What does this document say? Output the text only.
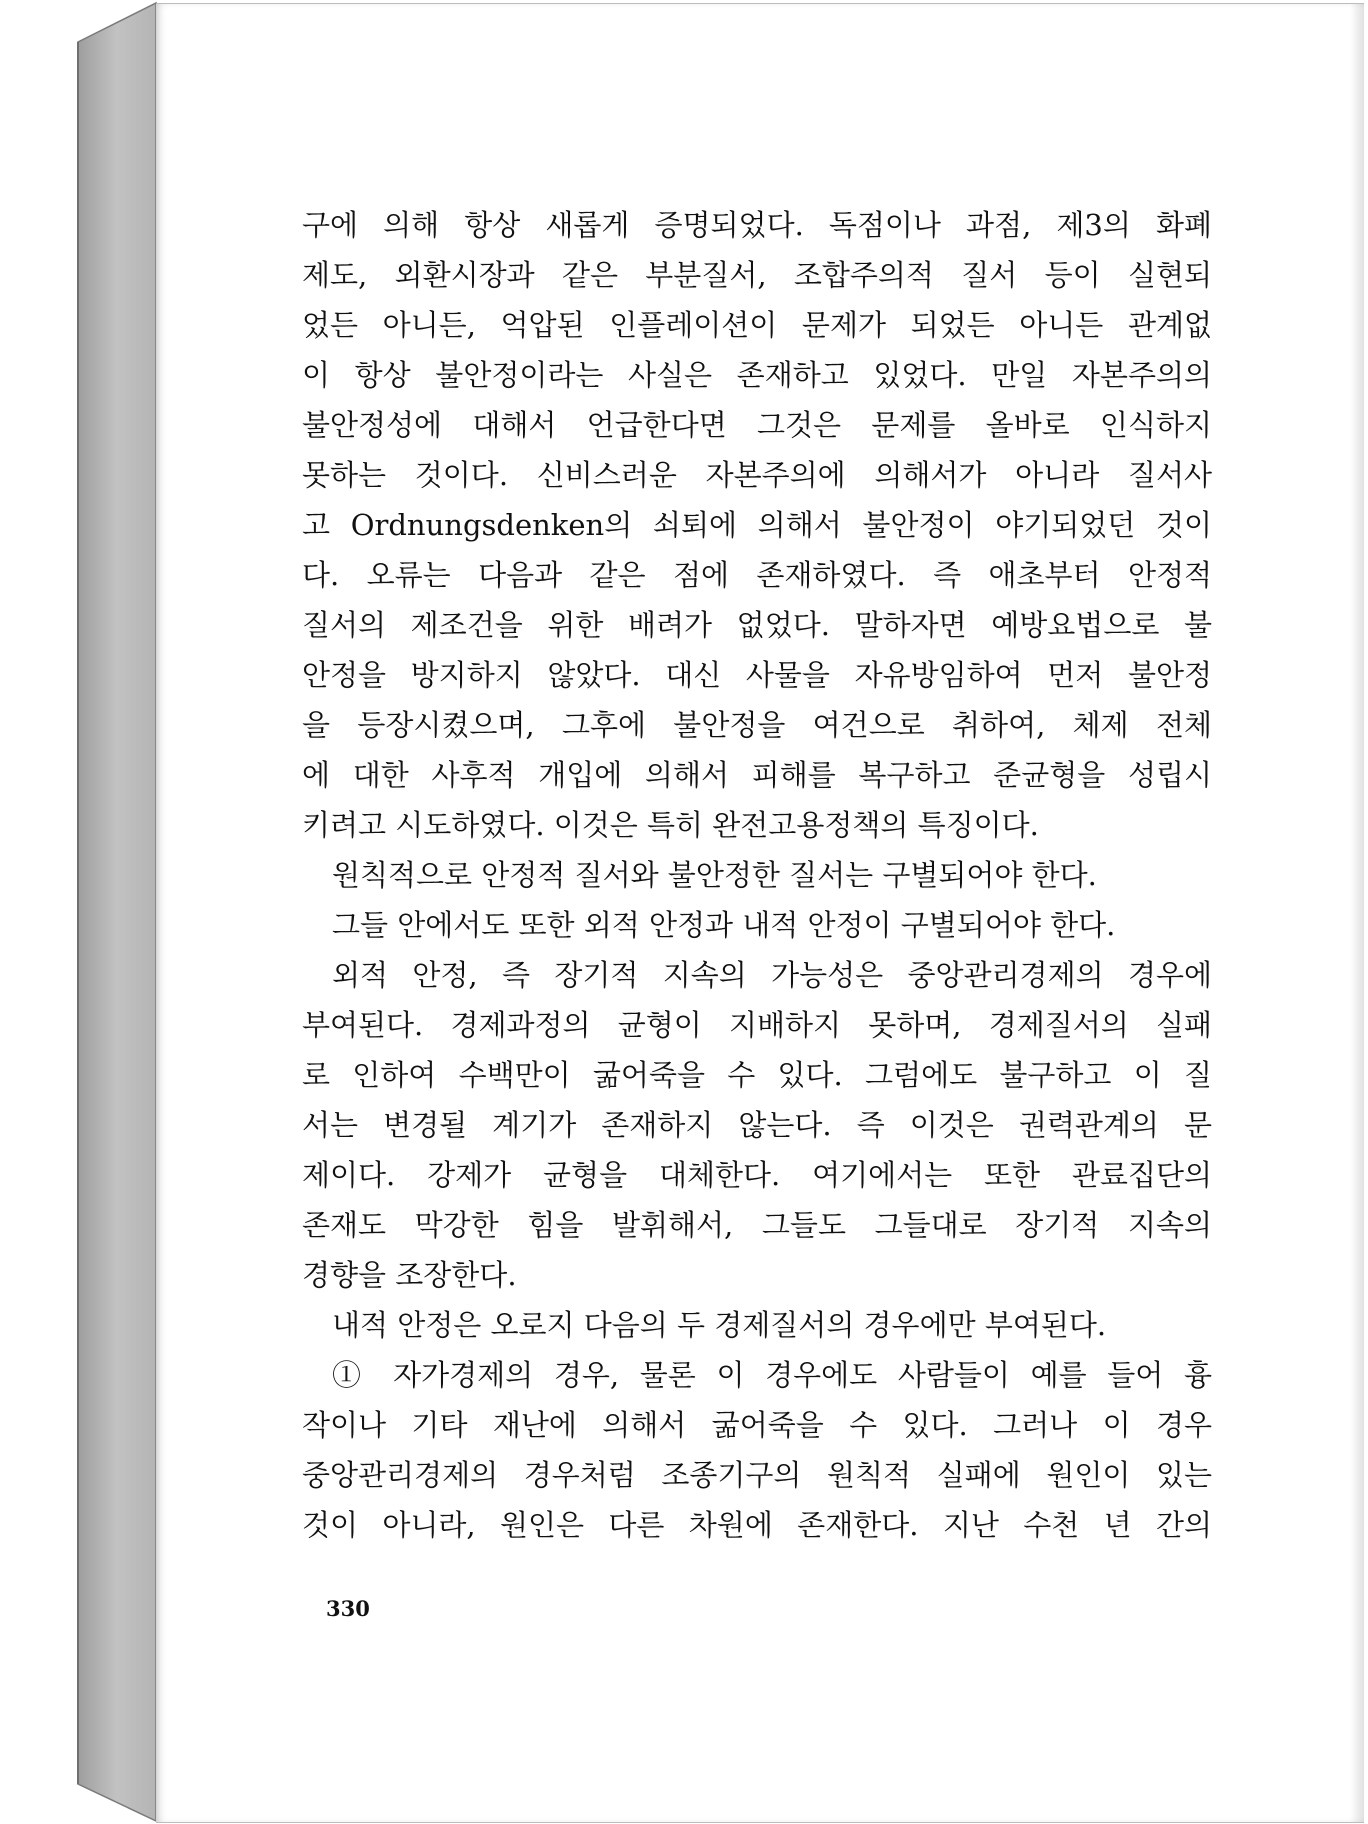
구에 의해 항상 새롭게 증명되었다. 독점이나 과점, 제3의 화폐
제도, 외환시장과 같은 부분질서, 조합주의적 질서 등이 실현되
었든 아니든, 억압된 인플레이션이 문제가 되었든 아니든 관계없
이 항상 불안정이라는 사실은 존재하고 있었다. 만일 자본주의의
불안정성에 대해서 언급한다면 그것은 문제를 올바로 인식하지
못하는 것이다. 신비스러운 자본주의에 의해서가 아니라 질서사
고 Ordnungsdenken의 쇠퇴에 의해서 불안정이 야기되었던 것이
다. 오류는 다음과 같은 점에 존재하였다. 즉 애초부터 안정적
질서의 제조건을 위한 배려가 없었다. 말하자면 예방요법으로 불
안정을 방지하지 않았다. 대신 사물을 자유방임하여 먼저 불안정
을 등장시켰으며, 그후에 불안정을 여건으로 취하여, 체제 전체
에 대한 사후적 개입에 의해서 피해를 복구하고 준균형을 성립시
키려고 시도하였다. 이것은 특히 완전고용정책의 특징이다.
원칙적으로 안정적 질서와 불안정한 질서는 구별되어야 한다.
그들 안에서도 또한 외적 안정과 내적 안정이 구별되어야 한다.
외적 안정, 즉 장기적 지속의 가능성은 중앙관리경제의 경우에
부여된다. 경제과정의 균형이 지배하지 못하며, 경제질서의 실패
로 인하여 수백만이 굶어죽을 수 있다. 그럼에도 불구하고 이 질
서는 변경될 계기가 존재하지 않는다. 즉 이것은 권력관계의 문
제이다. 강제가 균형을 대체한다. 여기에서는 또한 관료집단의
존재도 막강한 힘을 발휘해서, 그들도 그들대로 장기적 지속의
경향을 조장한다.
내적 안정은 오로지 다음의 두 경제질서의 경우에만 부여된다.
① 자가경제의 경우, 물론 이 경우에도 사람들이 예를 들어 흉
작이나 기타 재난에 의해서 굶어죽을 수 있다. 그러나 이 경우
중앙관리경제의 경우처럼 조종기구의 원칙적 실패에 원인이 있는
것이 아니라, 원인은 다른 차원에 존재한다. 지난 수천 년 간의
330
